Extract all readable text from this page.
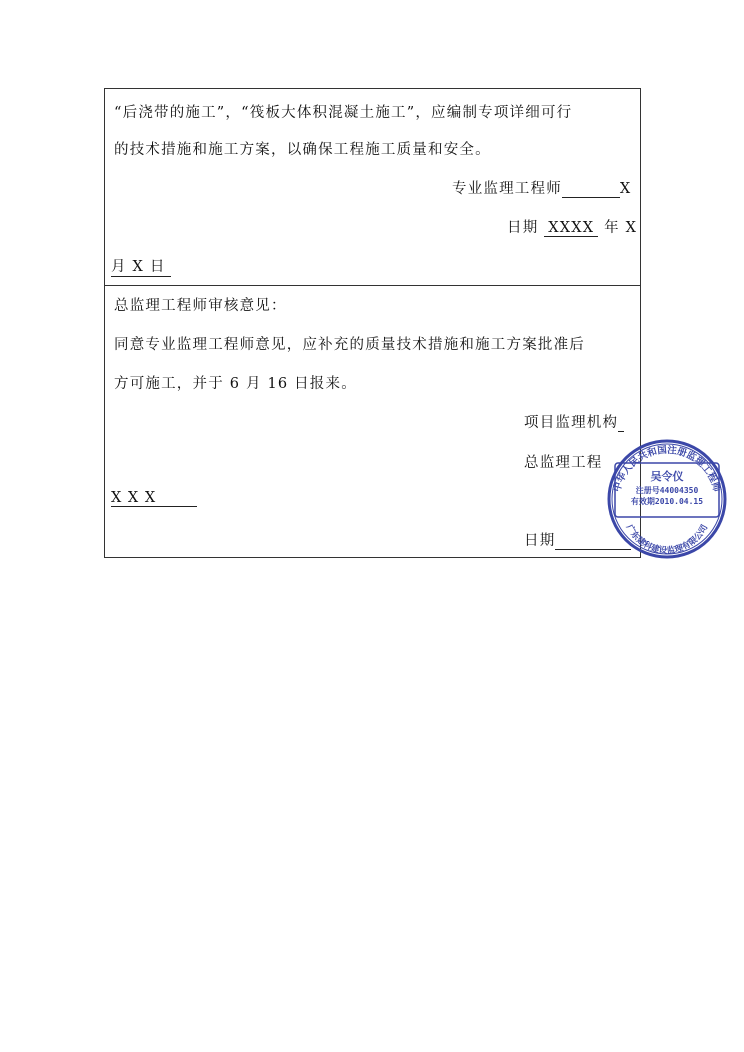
“后浇带的施工”，“筏板大体积混凝土施工”，应编制专项详细可行
的技术措施和施工方案，以确保工程施工质量和安全。
专业监理工程师	X
日期 XXXX 年 X
月 X 日
总监理工程师审核意见：
同意专业监理工程师意见，应补充的质量技术措施和施工方案批准后
方可施工，并于 6 月 16 日报来。
项目监理机构
总监理工程
X X X
日期
中华人民共和国注册监理工程师
吴令仪
注册号44004350
有效期2010.04.15
广东建科建设监理有限公司
